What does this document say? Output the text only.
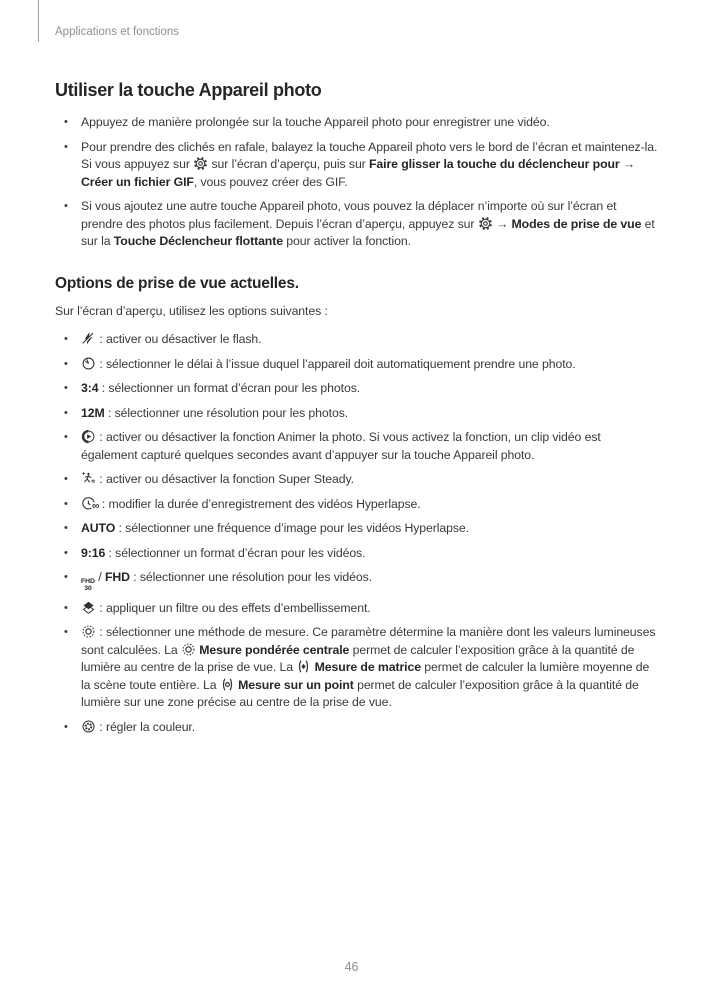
Applications et fonctions
Utiliser la touche Appareil photo
• Appuyez de manière prolongée sur la touche Appareil photo pour enregistrer une vidéo.
• Pour prendre des clichés en rafale, balayez la touche Appareil photo vers le bord de l’écran et maintenez-la. Si vous appuyez sur
sur l’écran d’aperçu, puis sur Faire glisser la touche du déclencheur pour → Créer un fichier GIF, vous pouvez créer des GIF.
• Si vous ajoutez une autre touche Appareil photo, vous pouvez la déplacer n’importe où sur l’écran et prendre des photos plus facilement. Depuis l’écran d’aperçu, appuyez sur
→ Modes de prise de vue et sur la Touche Déclencheur flottante pour activer la fonction.
Options de prise de vue actuelles.

Sur l’écran d’aperçu, utilisez les options suivantes :

• : activer ou désactiver le flash.
• : sélectionner le délai à l’issue duquel l’appareil doit automatiquement prendre une photo.
• 3:4 : sélectionner un format d’écran pour les photos.
• 12M : sélectionner une résolution pour les photos.
• : activer ou désactiver la fonction Animer la photo. Si vous activez la fonction, un clip vidéo est également capturé quelques secondes avant d’appuyer sur la touche Appareil photo.
• : activer ou désactiver la fonction Super Steady.
• ∞ : modifier la durée d’enregistrement des vidéos Hyperlapse.
• AUTO : sélectionner une fréquence d’image pour les vidéos Hyperlapse.
• 9:16 : sélectionner un format d’écran pour les vidéos.
• FHD
30
/ FHD : sélectionner une résolution pour les vidéos.
• : appliquer un filtre ou des effets d’embellissement.
• : sélectionner une méthode de mesure. Ce paramètre détermine la manière dont les valeurs lumineuses sont calculées. La
Mesure pondérée centrale permet de calculer l’exposition grâce à la quantité de lumière au centre de la prise de vue. La
Mesure de matrice permet de calculer la lumière moyenne de la scène toute entière. La
Mesure sur un point permet de calculer l’exposition grâce à la quantité de lumière sur une zone précise au centre de la prise de vue.
• : régler la couleur.
46
